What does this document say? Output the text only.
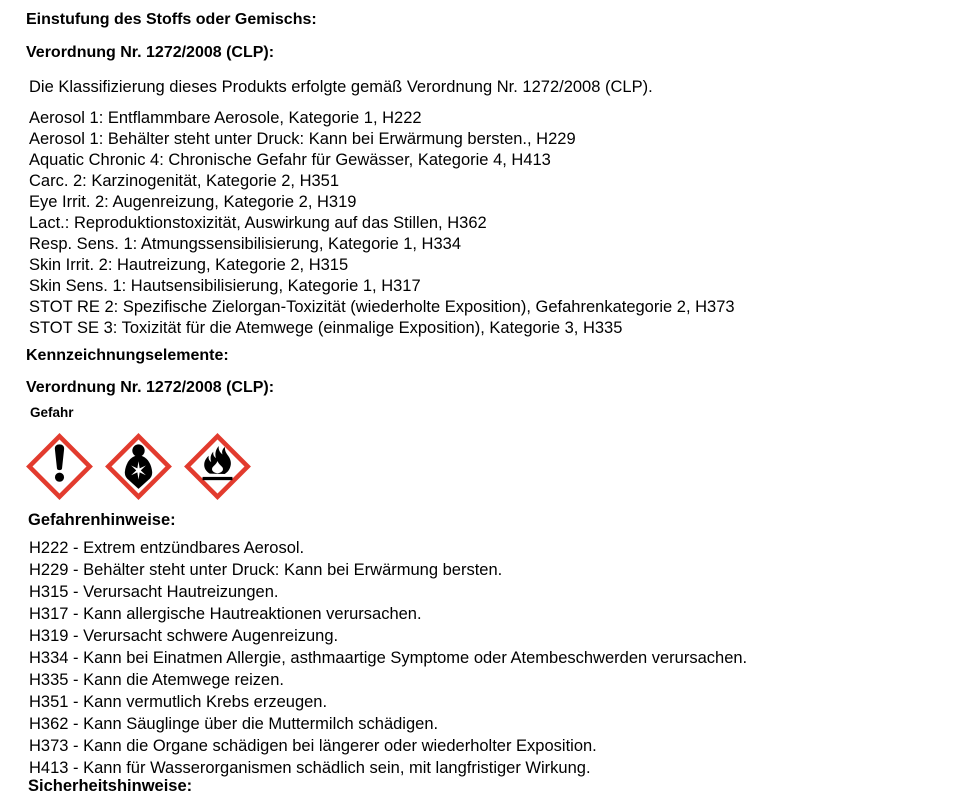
Einstufung des Stoffs oder Gemischs:
Verordnung Nr. 1272/2008 (CLP):
Die Klassifizierung dieses Produkts erfolgte gemäß Verordnung Nr. 1272/2008 (CLP).
Aerosol 1: Entflammbare Aerosole, Kategorie 1, H222
Aerosol 1: Behälter steht unter Druck: Kann bei Erwärmung bersten., H229
Aquatic Chronic 4: Chronische Gefahr für Gewässer, Kategorie 4, H413
Carc. 2: Karzinogenität, Kategorie 2, H351
Eye Irrit. 2: Augenreizung, Kategorie 2, H319
Lact.: Reproduktionstoxizität, Auswirkung auf das Stillen, H362
Resp. Sens. 1: Atmungssensibilisierung, Kategorie 1, H334
Skin Irrit. 2: Hautreizung, Kategorie 2, H315
Skin Sens. 1: Hautsensibilisierung, Kategorie 1, H317
STOT RE 2: Spezifische Zielorgan-Toxizität (wiederholte Exposition), Gefahrenkategorie 2, H373
STOT SE 3: Toxizität für die Atemwege (einmalige Exposition), Kategorie 3, H335
Kennzeichnungselemente:
Verordnung Nr. 1272/2008 (CLP):
Gefahr
Gefahrenhinweise:
H222 - Extrem entzündbares Aerosol.
H229 - Behälter steht unter Druck: Kann bei Erwärmung bersten.
H315 - Verursacht Hautreizungen.
H317 - Kann allergische Hautreaktionen verursachen.
H319 - Verursacht schwere Augenreizung.
H334 - Kann bei Einatmen Allergie, asthmaartige Symptome oder Atembeschwerden verursachen.
H335 - Kann die Atemwege reizen.
H351 - Kann vermutlich Krebs erzeugen.
H362 - Kann Säuglinge über die Muttermilch schädigen.
H373 - Kann die Organe schädigen bei längerer oder wiederholter Exposition.
H413 - Kann für Wasserorganismen schädlich sein, mit langfristiger Wirkung.
Sicherheitshinweise:
